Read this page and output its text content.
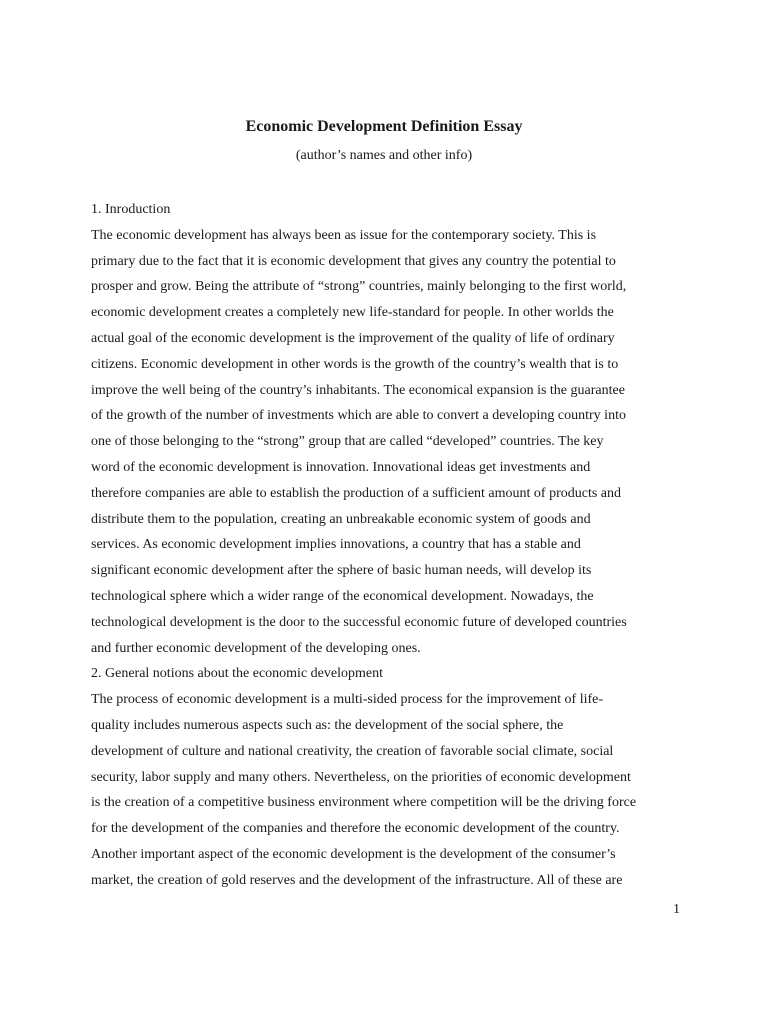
Economic Development Definition Essay

(author’s names and other info)

1. Inroduction
The economic development has always been as issue for the contemporary society. This is
primary due to the fact that it is economic development that gives any country the potential to
prosper and grow. Being the attribute of “strong” countries, mainly belonging to the first world,
economic development creates a completely new life-standard for people. In other worlds the
actual goal of the economic development is the improvement of the quality of life of ordinary
citizens. Economic development in other words is the growth of the country’s wealth that is to
improve the well being of the country’s inhabitants. The economical expansion is the guarantee
of the growth of the number of investments which are able to convert a developing country into
one of those belonging to the “strong” group that are called “developed” countries. The key
word of the economic development is innovation. Innovational ideas get investments and
therefore companies are able to establish the production of a sufficient amount of products and
distribute them to the population, creating an unbreakable economic system of goods and
services. As economic development implies innovations, a country that has a stable and
significant economic development after the sphere of basic human needs, will develop its
technological sphere which a wider range of the economical development. Nowadays, the
technological development is the door to the successful economic future of developed countries
and further economic development of the developing ones.
2. General notions about the economic development
The process of economic development is a multi-sided process for the improvement of life-
quality includes numerous aspects such as: the development of the social sphere, the
development of culture and national creativity, the creation of favorable social climate, social
security, labor supply and many others. Nevertheless, on the priorities of economic development
is the creation of a competitive business environment where competition will be the driving force
for the development of the companies and therefore the economic development of the country.
Another important aspect of the economic development is the development of the consumer’s
market, the creation of gold reserves and the development of the infrastructure. All of these are
1
